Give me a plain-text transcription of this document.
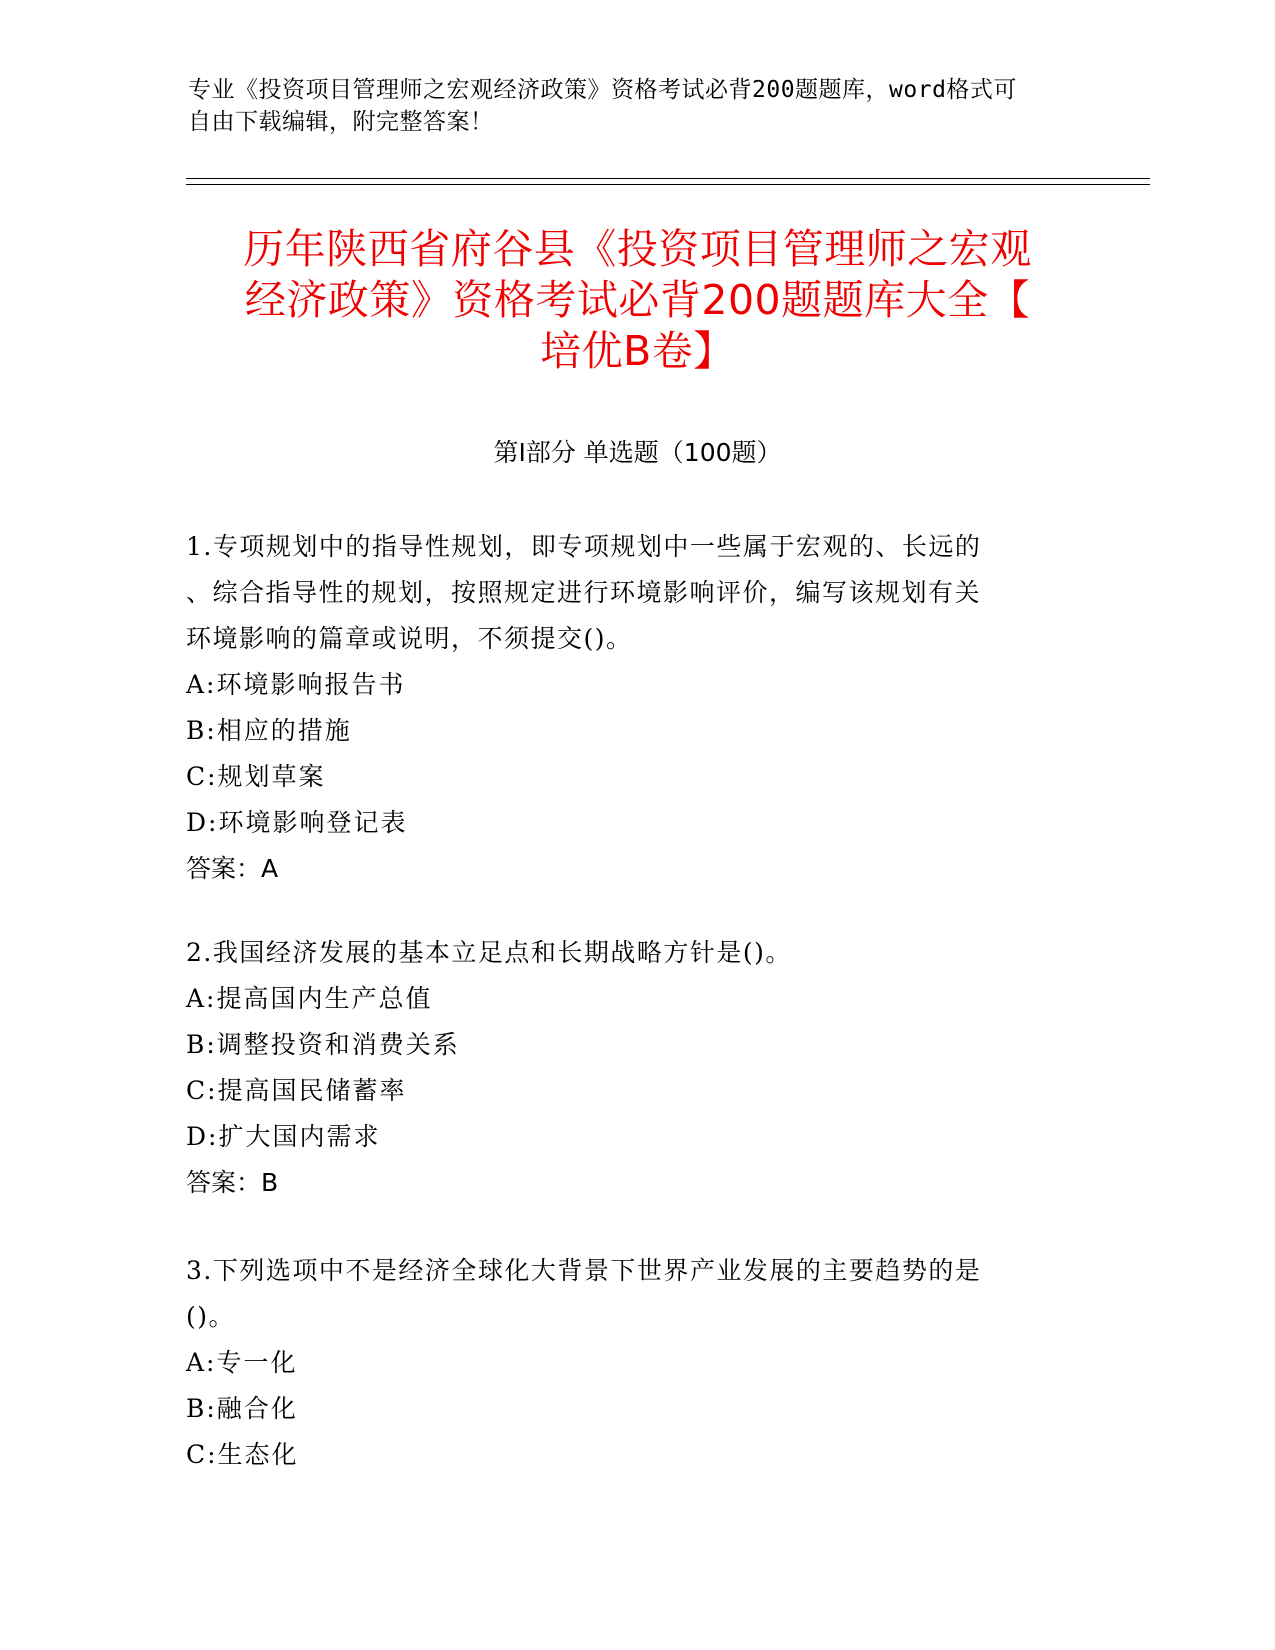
专业《投资项目管理师之宏观经济政策》资格考试必背200题题库，word格式可
自由下载编辑，附完整答案！
历年陕西省府谷县《投资项目管理师之宏观
经济政策》资格考试必背200题题库大全【
培优B卷】
第Ⅰ部分 单选题（100题）
1.专项规划中的指导性规划，即专项规划中一些属于宏观的、长远的
、综合指导性的规划，按照规定进行环境影响评价，编写该规划有关
环境影响的篇章或说明，不须提交()。
A:环境影响报告书
B:相应的措施
C:规划草案
D:环境影响登记表
答案：A
2.我国经济发展的基本立足点和长期战略方针是()。
A:提高国内生产总值
B:调整投资和消费关系
C:提高国民储蓄率
D:扩大国内需求
答案：B
3.下列选项中不是经济全球化大背景下世界产业发展的主要趋势的是
()。
A:专一化
B:融合化
C:生态化
